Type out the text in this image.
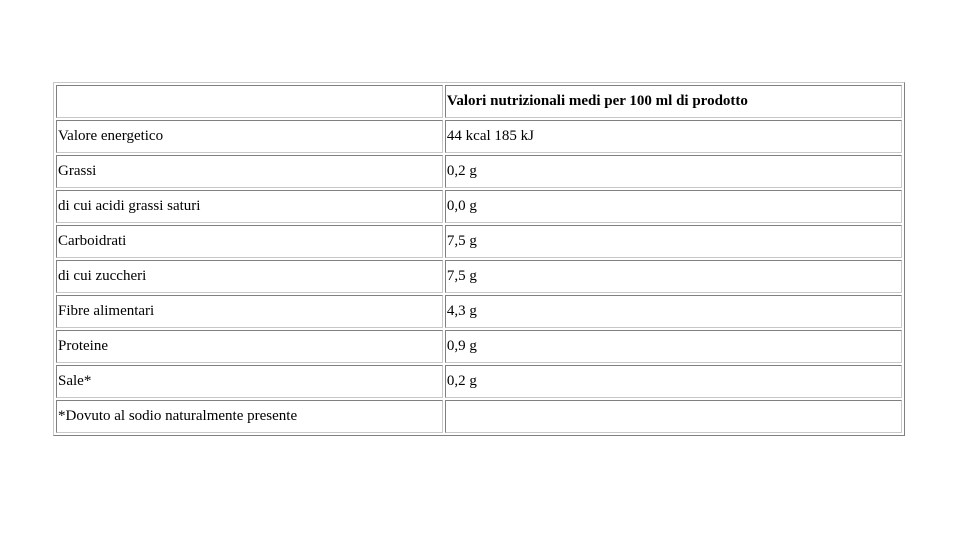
	Valori nutrizionali medi per 100 ml di prodotto
Valore energetico	44 kcal 185 kJ
Grassi	0,2 g
di cui acidi grassi saturi	0,0 g
Carboidrati	7,5 g
di cui zuccheri	7,5 g
Fibre alimentari	4,3 g
Proteine	0,9 g
Sale*	0,2 g
*Dovuto al sodio naturalmente presente	
